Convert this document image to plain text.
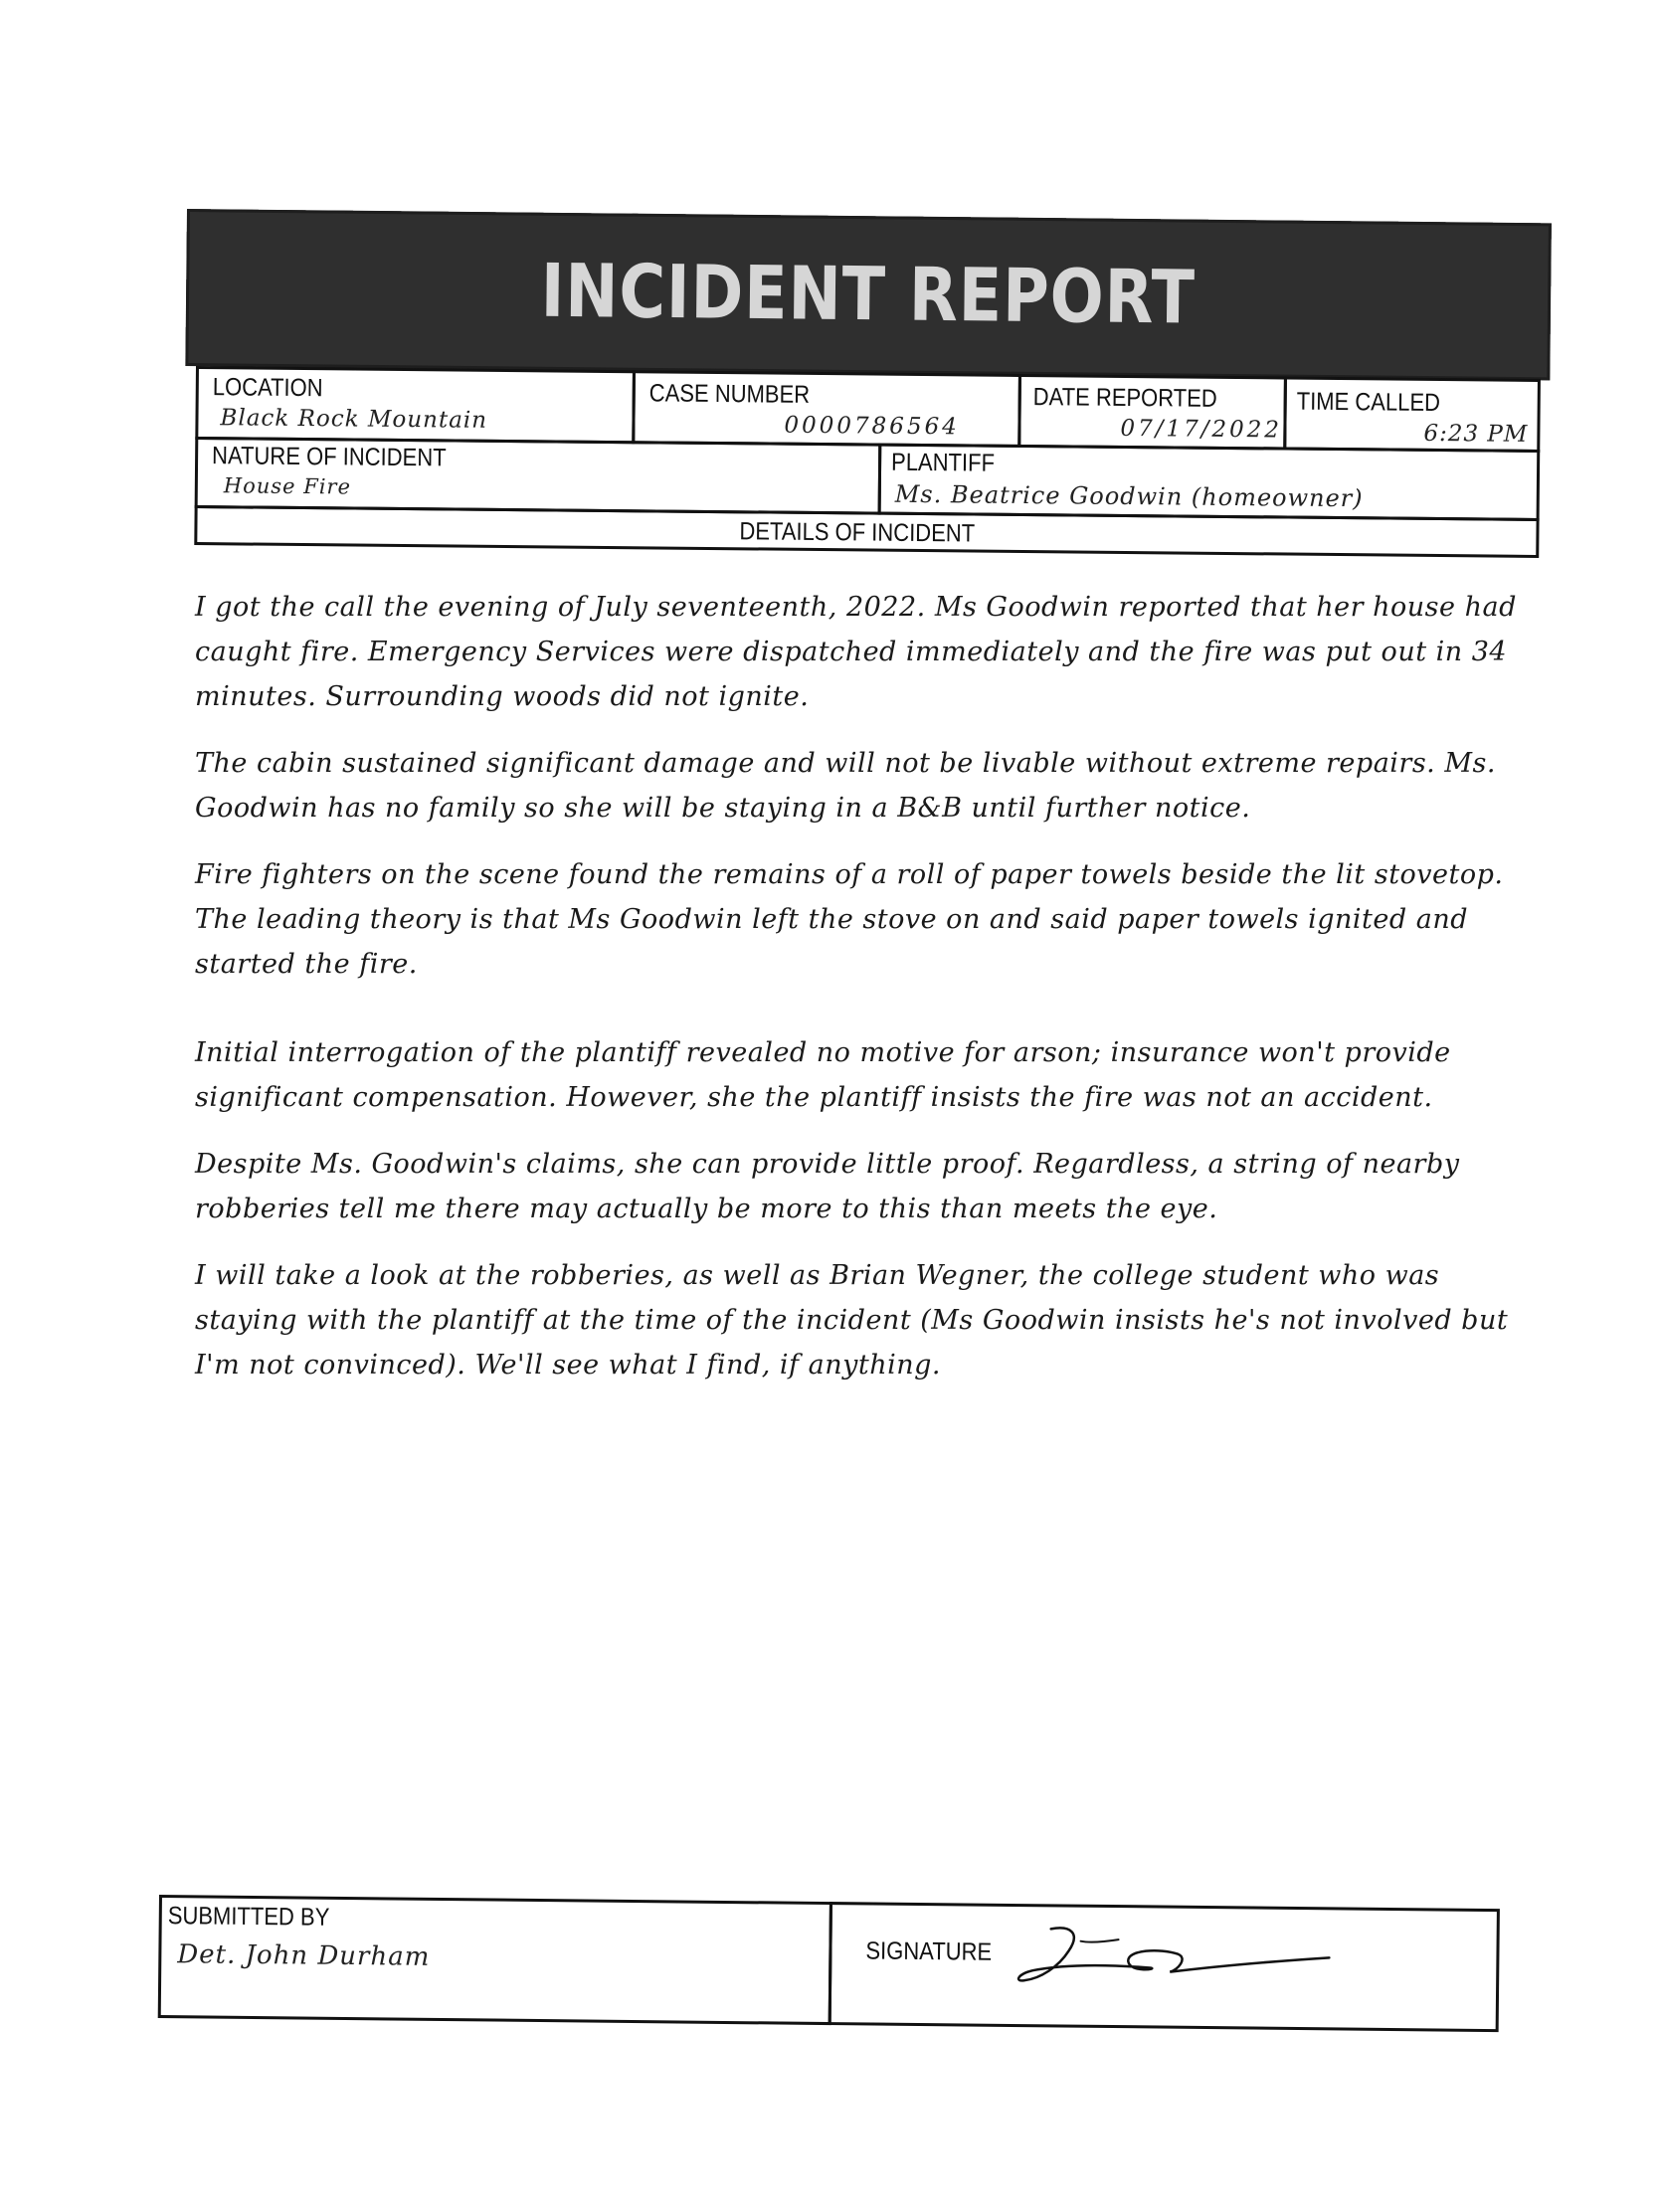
INCIDENT REPORT
LOCATION
Black Rock Mountain
CASE NUMBER
0000786564
DATE REPORTED
07/17/2022
TIME CALLED
6:23 PM
NATURE OF INCIDENT
House Fire
PLANTIFF
Ms. Beatrice Goodwin (homeowner)
DETAILS OF INCIDENT

I got the call the evening of July seventeenth, 2022. Ms Goodwin reported that her house had caught fire. Emergency Services were dispatched immediately and the fire was put out in 34 minutes. Surrounding woods did not ignite.

The cabin sustained significant damage and will not be livable without extreme repairs. Ms. Goodwin has no family so she will be staying in a B&B until further notice.

Fire fighters on the scene found the remains of a roll of paper towels beside the lit stovetop. The leading theory is that Ms Goodwin left the stove on and said paper towels ignited and started the fire.

Initial interrogation of the plantiff revealed no motive for arson; insurance won't provide significant compensation. However, she the plantiff insists the fire was not an accident.

Despite Ms. Goodwin's claims, she can provide little proof. Regardless, a string of nearby robberies tell me there may actually be more to this than meets the eye.

I will take a look at the robberies, as well as Brian Wegner, the college student who was staying with the plantiff at the time of the incident (Ms Goodwin insists he's not involved but I'm not convinced). We'll see what I find, if anything.

SUBMITTED BY
Det. John Durham	SIGNATURE
